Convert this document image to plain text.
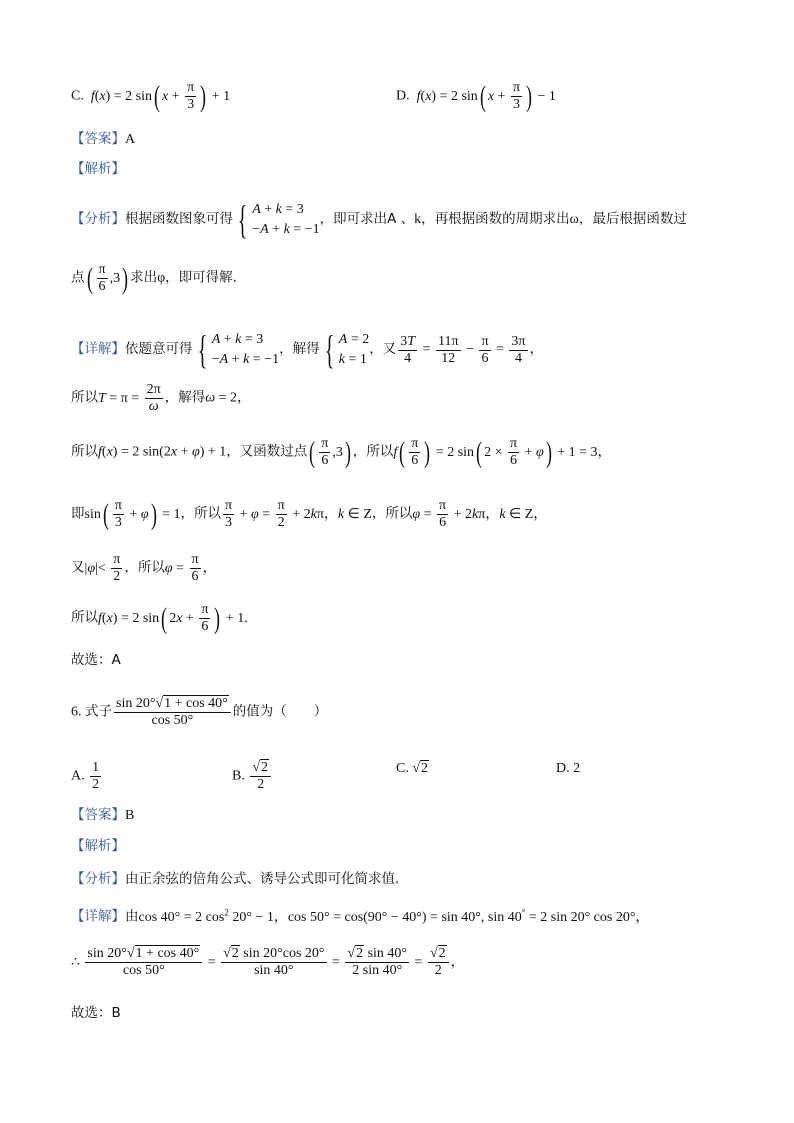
C. f(x) = 2 sin( $x + \frac{\pi}{3}$ ) + 1	D. f(x) = 2 sin( $x + \frac{\pi}{3}$ ) − 1
【答案】A
【解析】
【分析】根据函数图象可得 { A + k = 3
−A + k = −1
，即可求出A 、k，再根据函数的周期求出ω，最后根据函数过
点( $\frac{\pi}{6} ,3$) 求出φ，即可得解.
【详解】依题意可得 { A + k = 3
−A + k = −1
，解得 { A = 2
k = 1
，又 $\frac{3T}{4} = \frac{11\pi}{12} - \frac{\pi}{6} = \frac{3\pi}{4}$ ，
所以$T = \pi = \frac{2\pi}{\omega}$ ，解得ω = 2，
所以f(x) = 2 sin(2x + φ) + 1，又函数过点( $\frac{\pi}{6} ,3$) ，所以$f( \frac{\pi}{6}$ ) = 2 sin( $2 \times \frac{\pi}{6} + \varphi) + 1 = 3$，
即$\sin( \frac{\pi}{3} + \varphi) = 1$，所以 $\frac{\pi}{3} + \varphi = \frac{\pi}{2} + 2k\pi$，k ∈ Z，所以$\varphi = \frac{\pi}{6} + 2k\pi$，k ∈ Z，
又$|\varphi|< \frac{\pi}{2}$ ，所以$\varphi = \frac{\pi}{6}$ ，
所以f(x) = 2 sin( $2x + \frac{\pi}{6}$ ) + 1.
故选：A
6. 式子 $\frac{\sin 20^\circ√1 + \cos 40^\circ}{\cos 50^\circ}$ 的值为（　　）
A. $\frac{1}{2}$	B. $\frac{√2}{2}$	C. √2	D. 2
【答案】B
【解析】
【分析】由正余弦的倍角公式、诱导公式即可化简求值.
【详解】由cos 40° = 2 $\cos^2 20^\circ - 1$，cos 50° = cos(90° − 40°) = sin 40°, sin 40° = 2 sin 20° cos 20°，
∴ $\frac{\sin 20^\circ√1 + \cos 40^\circ}{\cos 50^\circ} = \frac{√2 \sin 20^\circ\cos 20^\circ}{\sin 40^\circ} = \frac{√2 \sin 40^\circ}{2 \sin 40^\circ} = \frac{√2}{2}$ ，
故选：B
